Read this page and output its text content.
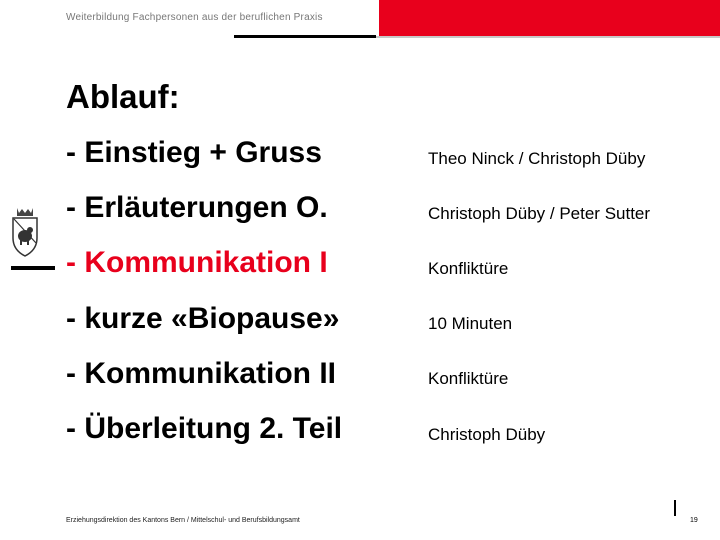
Weiterbildung Fachpersonen aus der beruflichen Praxis
Ablauf:
- Einstieg + Gruss	Theo Ninck / Christoph Düby
- Erläuterungen O.	Christoph Düby / Peter Sutter
- Kommunikation I	Konfliktüre
- kurze «Biopause»	10 Minuten
- Kommunikation II	Konfliktüre
- Überleitung 2. Teil	Christoph Düby
Erziehungsdirektion des Kantons Bern / Mittelschul- und Berufsbildungsamt	19
